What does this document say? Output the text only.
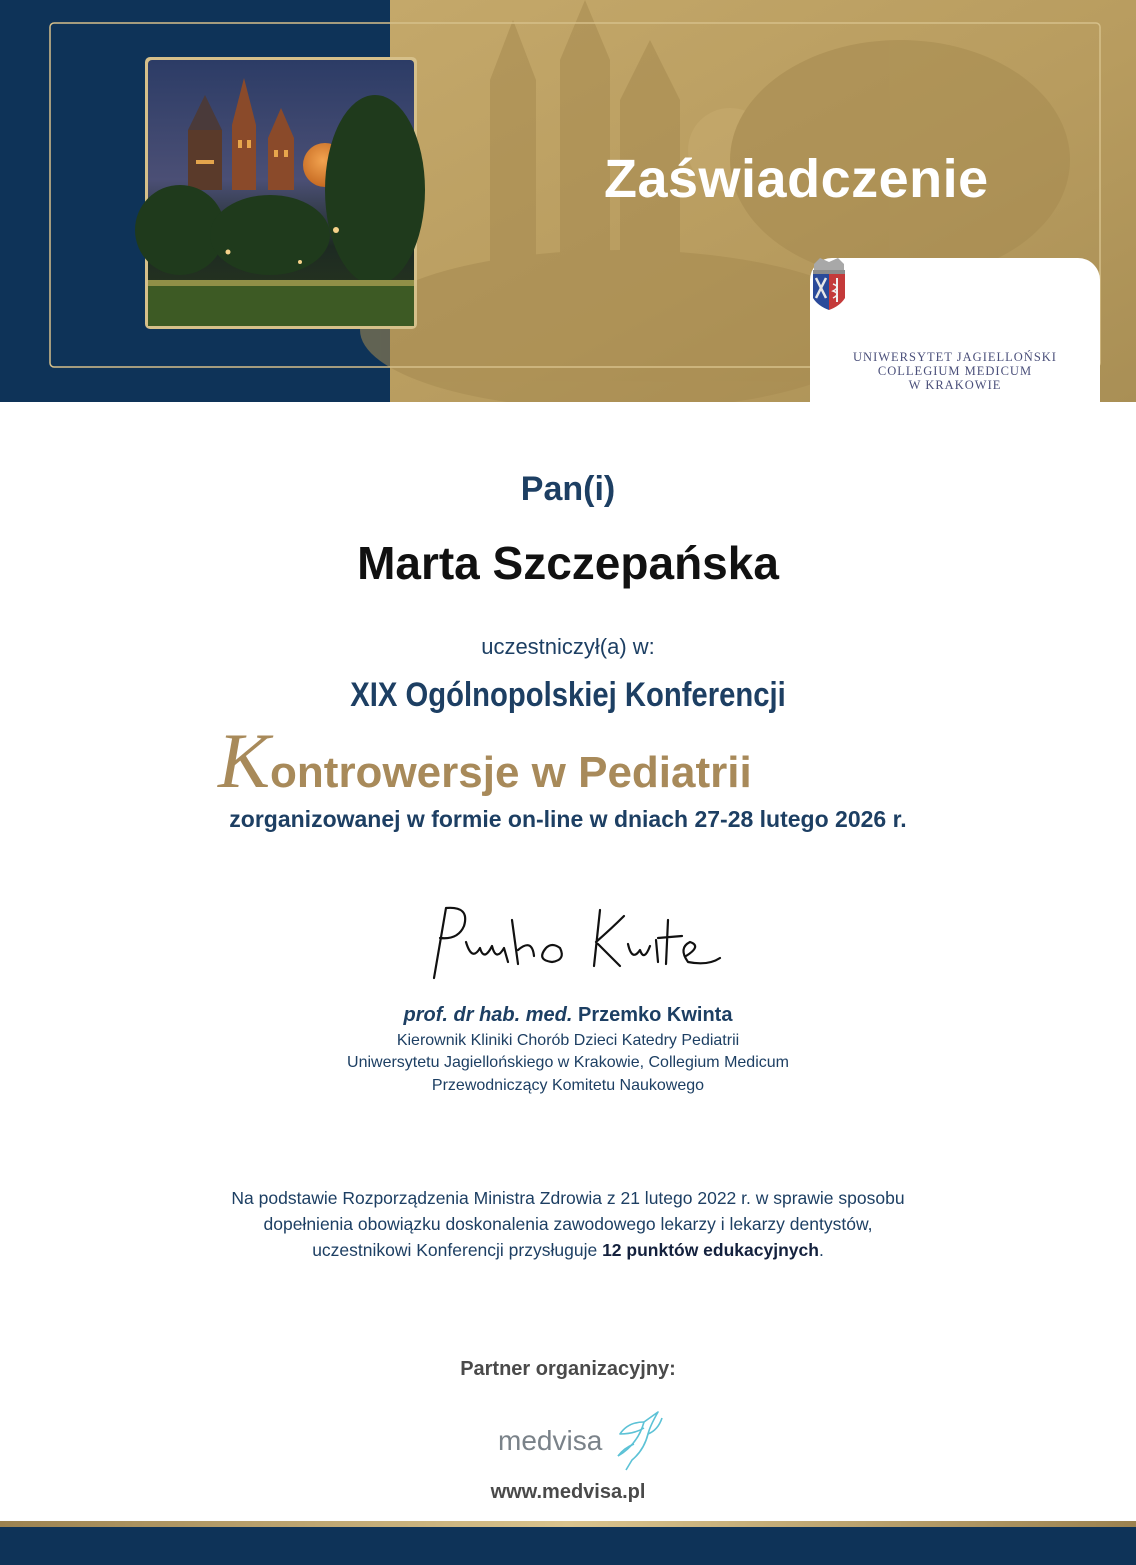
Zaświadczenie
UNIWERSYTET JAGIELLOŃSKI
COLLEGIUM MEDICUM
W KRAKOWIE
Pan(i)
Marta Szczepańska
uczestniczył(a) w:
XIX Ogólnopolskiej Konferencji
Kontrowersje w Pediatrii
zorganizowanej w formie on-line w dniach 27-28 lutego 2026 r.
prof. dr hab. med. Przemko Kwinta
Kierownik Kliniki Chorób Dzieci Katedry Pediatrii
Uniwersytetu Jagiellońskiego w Krakowie, Collegium Medicum
Przewodniczący Komitetu Naukowego
Na podstawie Rozporządzenia Ministra Zdrowia z 21 lutego 2022 r. w sprawie sposobu
dopełnienia obowiązku doskonalenia zawodowego lekarzy i lekarzy dentystów,
uczestnikowi Konferencji przysługuje 12 punktów edukacyjnych.
Partner organizacyjny:
medvisa
www.medvisa.pl
